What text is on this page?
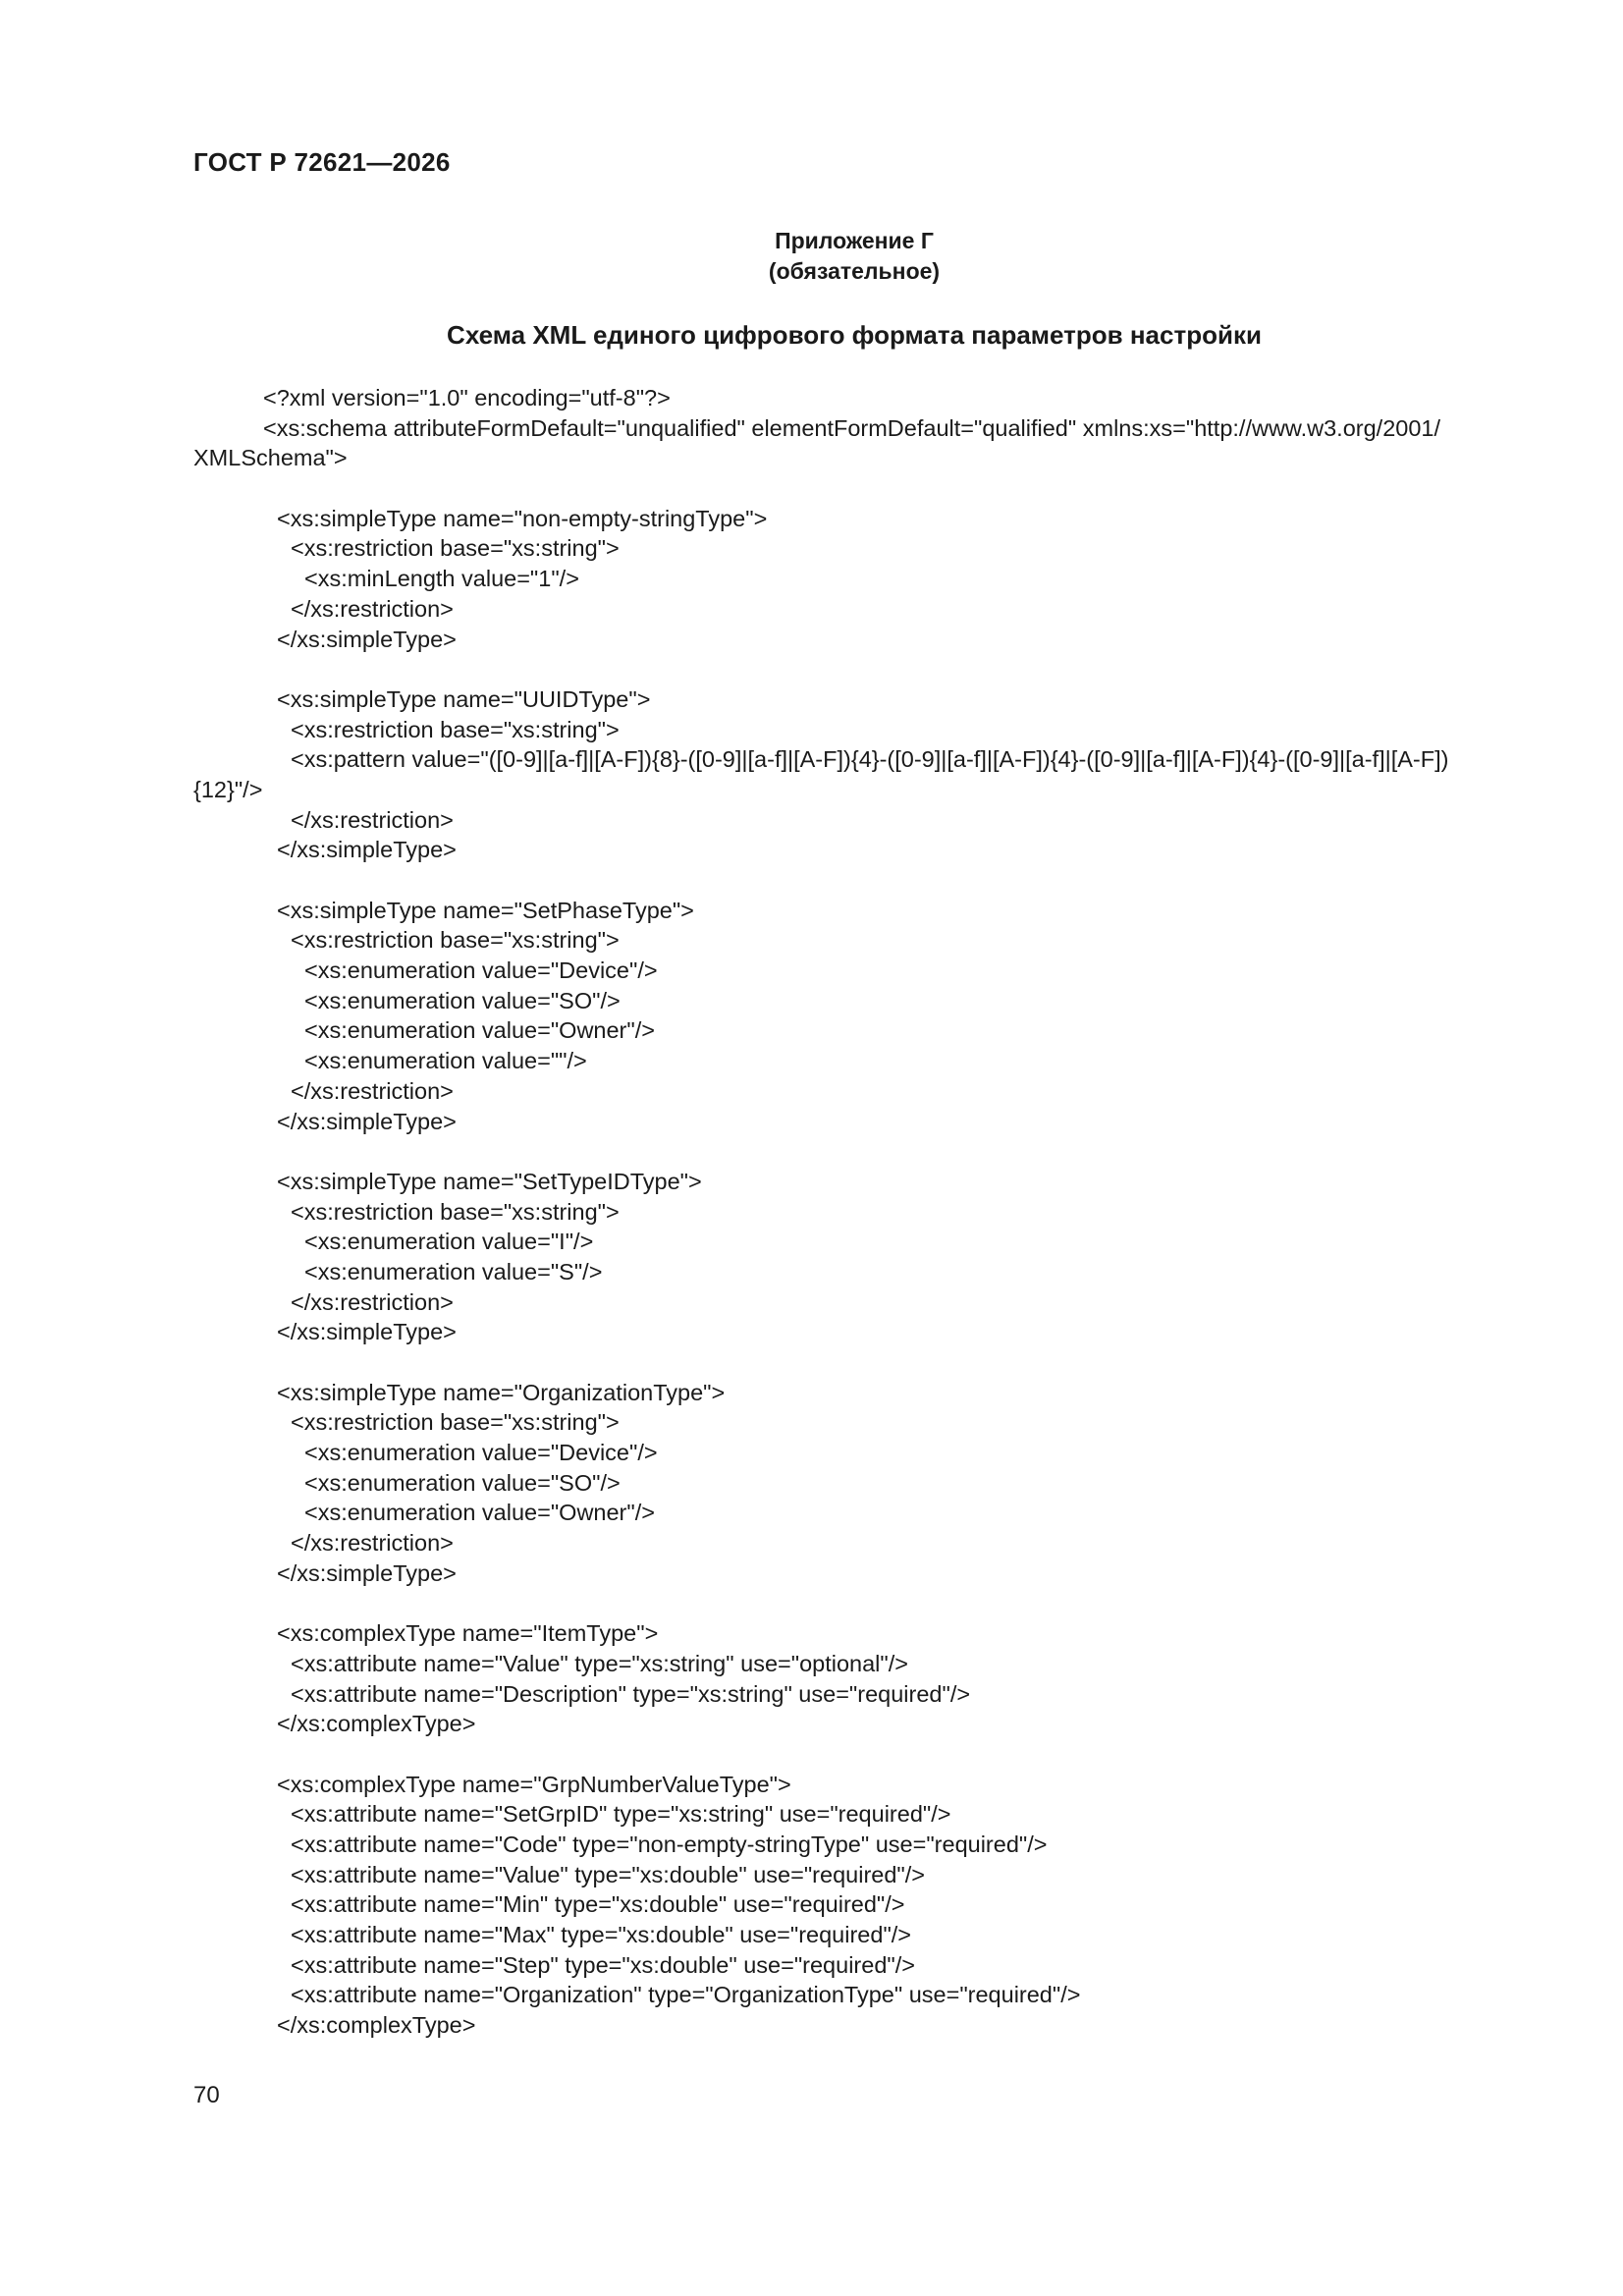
ГОСТ Р 72621—2026
Приложение Г
(обязательное)
Схема XML единого цифрового формата параметров настройки
<?xml version="1.0" encoding="utf-8"?>
<xs:schema attributeFormDefault="unqualified" elementFormDefault="qualified" xmlns:xs="http://www.w3.org/2001/
XMLSchema">
<xs:simpleType name="non-empty-stringType">
<xs:restriction base="xs:string">
<xs:minLength value="1"/>
</xs:restriction>
</xs:simpleType>
<xs:simpleType name="UUIDType">
<xs:restriction base="xs:string">
<xs:pattern value="([0-9]|[a-f]|[A-F]){8}-([0-9]|[a-f]|[A-F]){4}-([0-9]|[a-f]|[A-F]){4}-([0-9]|[a-f]|[A-F]){4}-([0-9]|[a-f]|[A-F])
{12}"/>
</xs:restriction>
</xs:simpleType>
<xs:simpleType name="SetPhaseType">
<xs:restriction base="xs:string">
<xs:enumeration value="Device"/>
<xs:enumeration value="SO"/>
<xs:enumeration value="Owner"/>
<xs:enumeration value=""/>
</xs:restriction>
</xs:simpleType>
<xs:simpleType name="SetTypeIDType">
<xs:restriction base="xs:string">
<xs:enumeration value="I"/>
<xs:enumeration value="S"/>
</xs:restriction>
</xs:simpleType>
<xs:simpleType name="OrganizationType">
<xs:restriction base="xs:string">
<xs:enumeration value="Device"/>
<xs:enumeration value="SO"/>
<xs:enumeration value="Owner"/>
</xs:restriction>
</xs:simpleType>
<xs:complexType name="ItemType">
<xs:attribute name="Value" type="xs:string" use="optional"/>
<xs:attribute name="Description" type="xs:string" use="required"/>
</xs:complexType>
<xs:complexType name="GrpNumberValueType">
<xs:attribute name="SetGrpID" type="xs:string" use="required"/>
<xs:attribute name="Code" type="non-empty-stringType" use="required"/>
<xs:attribute name="Value" type="xs:double" use="required"/>
<xs:attribute name="Min" type="xs:double" use="required"/>
<xs:attribute name="Max" type="xs:double" use="required"/>
<xs:attribute name="Step" type="xs:double" use="required"/>
<xs:attribute name="Organization" type="OrganizationType" use="required"/>
</xs:complexType>
70
